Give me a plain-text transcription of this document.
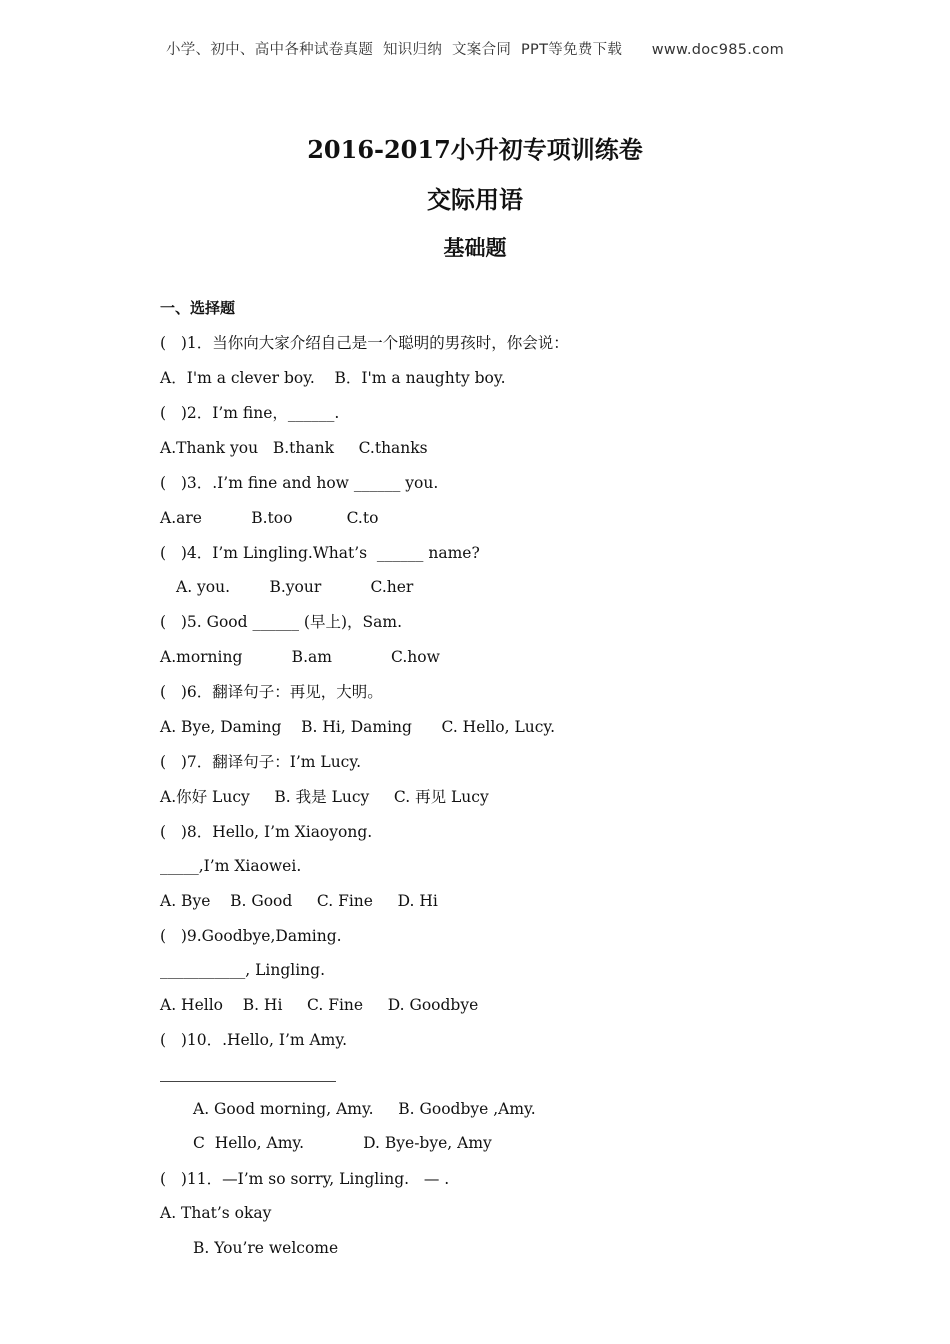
小学、初中、高中各种试卷真题  知识归纳  文案合同  PPT等免费下载      www.doc985.com
2016-2017小升初专项训练卷
交际用语
基础题
一、选择题
(   )1．当你向大家介绍自己是一个聪明的男孩时，你会说：
A．I'm a clever boy.    B．I'm a naughty boy.
(   )2．I’m fine，______.
A.Thank you   B.thank     C.thanks
(   )3．.I’m fine and how ______ you.
A.are          B.too           C.to
(   )4．I’m Lingling.What’s  ______ name?
A. you.        B.your          C.her
(   )5. Good ______ (早上)，Sam.
A.morning          B.am            C.how
(   )6．翻译句子：再见，大明。
A. Bye, Daming    B. Hi, Daming      C. Hello, Lucy.
(   )7．翻译句子：I’m Lucy.
A.你好 Lucy     B. 我是 Lucy     C. 再见 Lucy
(   )8．Hello, I’m Xiaoyong.
_____,I’m Xiaowei.
A. Bye    B. Good     C. Fine     D. Hi
(   )9.Goodbye,Daming.
___________, Lingling.
A. Hello    B. Hi     C. Fine     D. Goodbye
(   )10．.Hello, I’m Amy.
A. Good morning, Amy.     B. Goodbye ,Amy.
C  Hello, Amy.            D. Bye-bye, Amy
(   )11．—I’m so sorry, Lingling.   — .
A. That’s okay
B. You’re welcome
